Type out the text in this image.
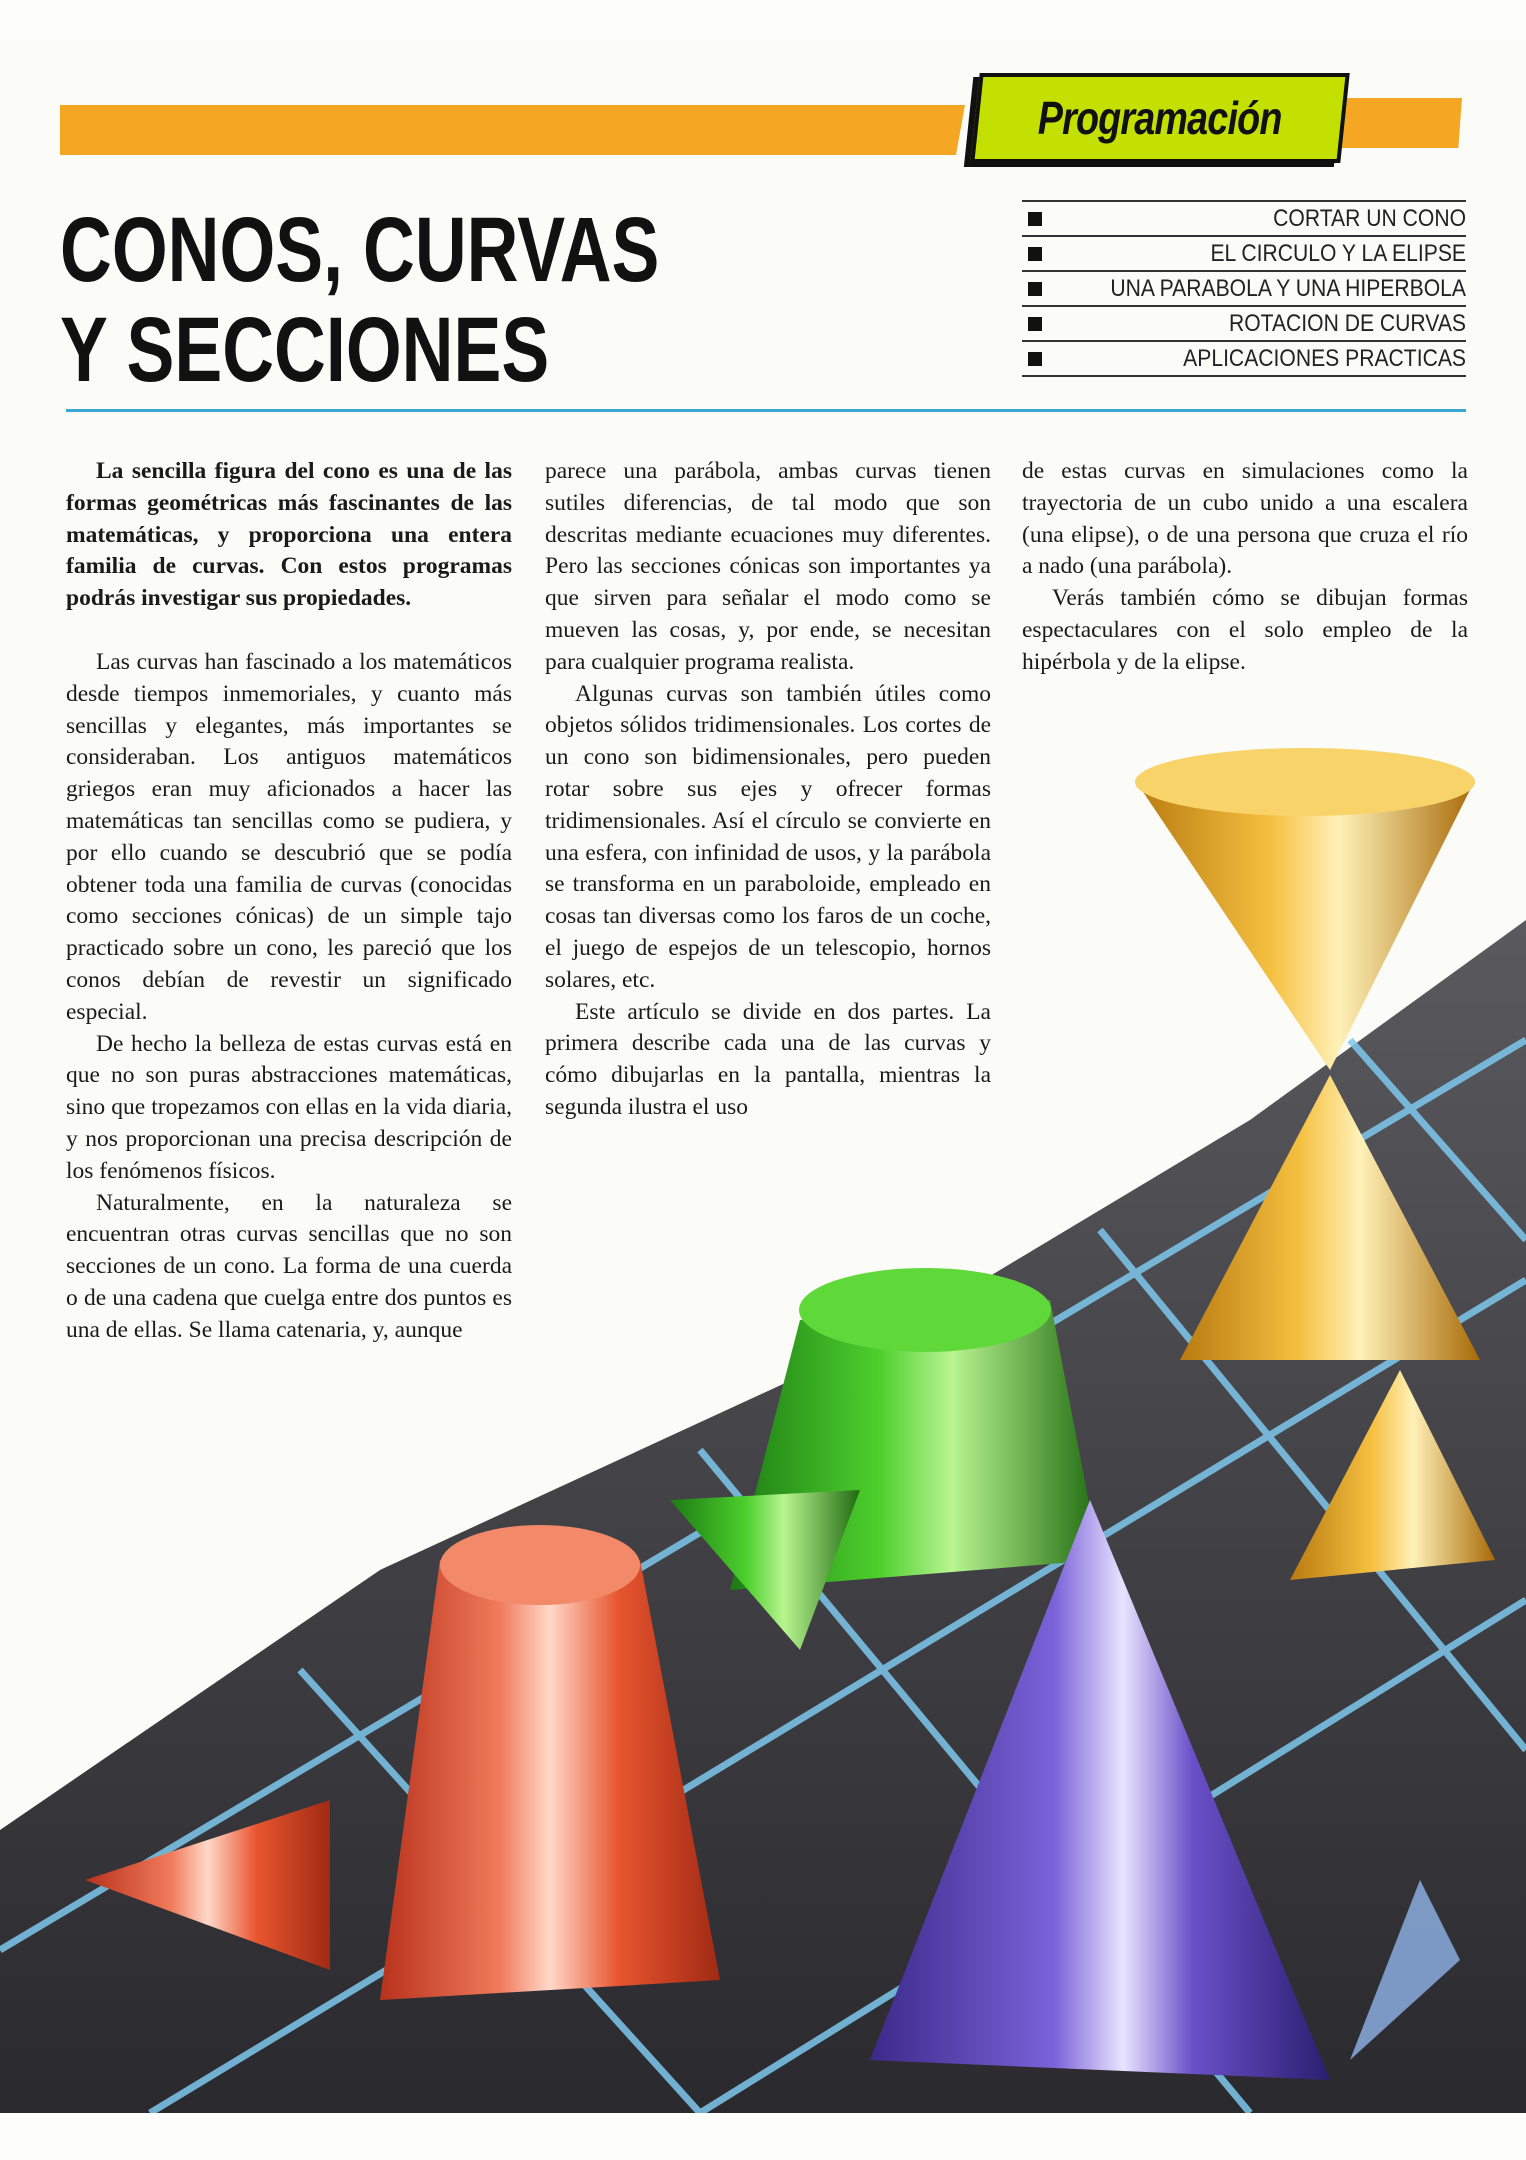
Programación
CONOS, CURVAS
Y SECCIONES
CORTAR UN CONO
EL CIRCULO Y LA ELIPSE
UNA PARABOLA Y UNA HIPERBOLA
ROTACION DE CURVAS
APLICACIONES PRACTICAS

La sencilla figura del cono es una de las formas geométricas más fascinantes de las matemáticas, y proporciona una entera familia de curvas. Con estos programas podrás investigar sus propiedades.

Las curvas han fascinado a los matemáticos desde tiempos inmemoriales, y cuanto más sencillas y elegantes, más importantes se consideraban. Los antiguos matemáticos griegos eran muy aficionados a hacer las matemáticas tan sencillas como se pudiera, y por ello cuando se descubrió que se podía obtener toda una familia de curvas (conocidas como secciones cónicas) de un simple tajo practicado sobre un cono, les pareció que los conos debían de revestir un significado especial.

De hecho la belleza de estas curvas está en que no son puras abstracciones matemáticas, sino que tropezamos con ellas en la vida diaria, y nos proporcionan una precisa descripción de los fenómenos físicos.

Naturalmente, en la naturaleza se encuentran otras curvas sencillas que no son secciones de un cono. La forma de una cuerda o de una cadena que cuelga entre dos puntos es una de ellas. Se llama catenaria, y, aunque

parece una parábola, ambas curvas tienen sutiles diferencias, de tal modo que son descritas mediante ecuaciones muy diferentes. Pero las secciones cónicas son importantes ya que sirven para señalar el modo como se mueven las cosas, y, por ende, se necesitan para cualquier programa realista.

Algunas curvas son también útiles como objetos sólidos tridimensionales. Los cortes de un cono son bidimensionales, pero pueden rotar sobre sus ejes y ofrecer formas tridimensionales. Así el círculo se convierte en una esfera, con infinidad de usos, y la parábola se transforma en un paraboloide, empleado en cosas tan diversas como los faros de un coche, el juego de espejos de un telescopio, hornos solares, etc.

Este artículo se divide en dos partes. La primera describe cada una de las curvas y cómo dibujarlas en la pantalla, mientras la segunda ilustra el uso

de estas curvas en simulaciones como la trayectoria de un cubo unido a una escalera (una elipse), o de una persona que cruza el río a nado (una parábola).

Verás también cómo se dibujan formas espectaculares con el solo empleo de la hipérbola y de la elipse.
